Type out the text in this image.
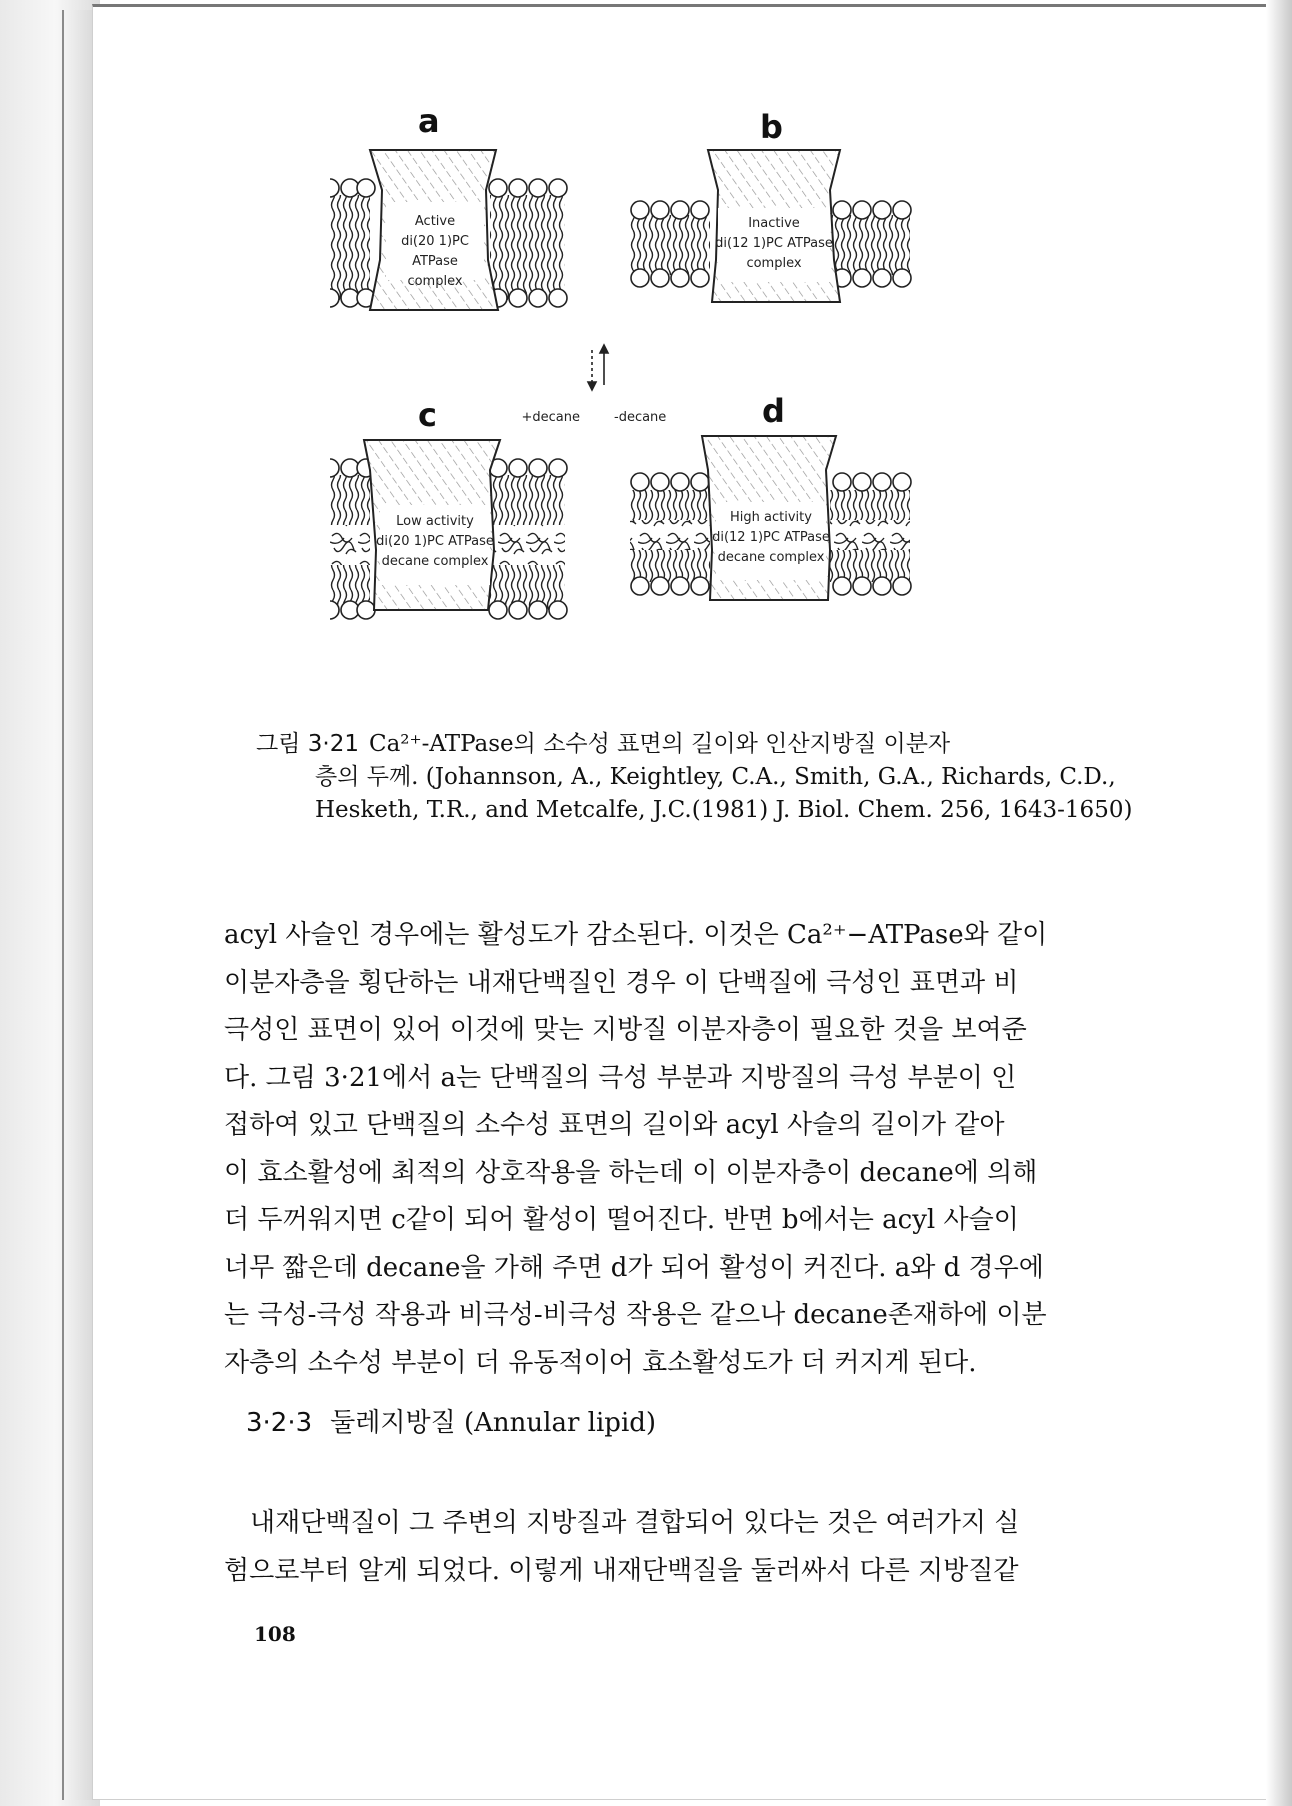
a	b
c	d
Active
di(20 1)PC ATPase
complex
Inactive
di(12 1)PC ATPase
complex
Low activity
di(20 1)PC ATPase
decane complex
High activity
di(12 1)PC ATPase
decane complex
+decane	-decane
그림 3·21 Ca²⁺-ATPase의 소수성 표면의 길이와 인산지방질 이분자
층의 두께. (Johannson, A., Keightley, C.A., Smith, G.A., Richards, C.D.,
Hesketh, T.R., and Metcalfe, J.C.(1981) J. Biol. Chem. 256, 1643-1650)
acyl 사슬인 경우에는 활성도가 감소된다. 이것은 Ca²⁺−ATPase와 같이
이분자층을 횡단하는 내재단백질인 경우 이 단백질에 극성인 표면과 비
극성인 표면이 있어 이것에 맞는 지방질 이분자층이 필요한 것을 보여준
다. 그림 3·21에서 a는 단백질의 극성 부분과 지방질의 극성 부분이 인
접하여 있고 단백질의 소수성 표면의 길이와 acyl 사슬의 길이가 같아
이 효소활성에 최적의 상호작용을 하는데 이 이분자층이 decane에 의해
더 두꺼워지면 c같이 되어 활성이 떨어진다. 반면 b에서는 acyl 사슬이
너무 짧은데 decane을 가해 주면 d가 되어 활성이 커진다. a와 d 경우에
는 극성-극성 작용과 비극성-비극성 작용은 같으나 decane존재하에 이분
자층의 소수성 부분이 더 유동적이어 효소활성도가 더 커지게 된다.
3·2·3 둘레지방질 (Annular lipid)
내재단백질이 그 주변의 지방질과 결합되어 있다는 것은 여러가지 실
험으로부터 알게 되었다. 이렇게 내재단백질을 둘러싸서 다른 지방질같
108
